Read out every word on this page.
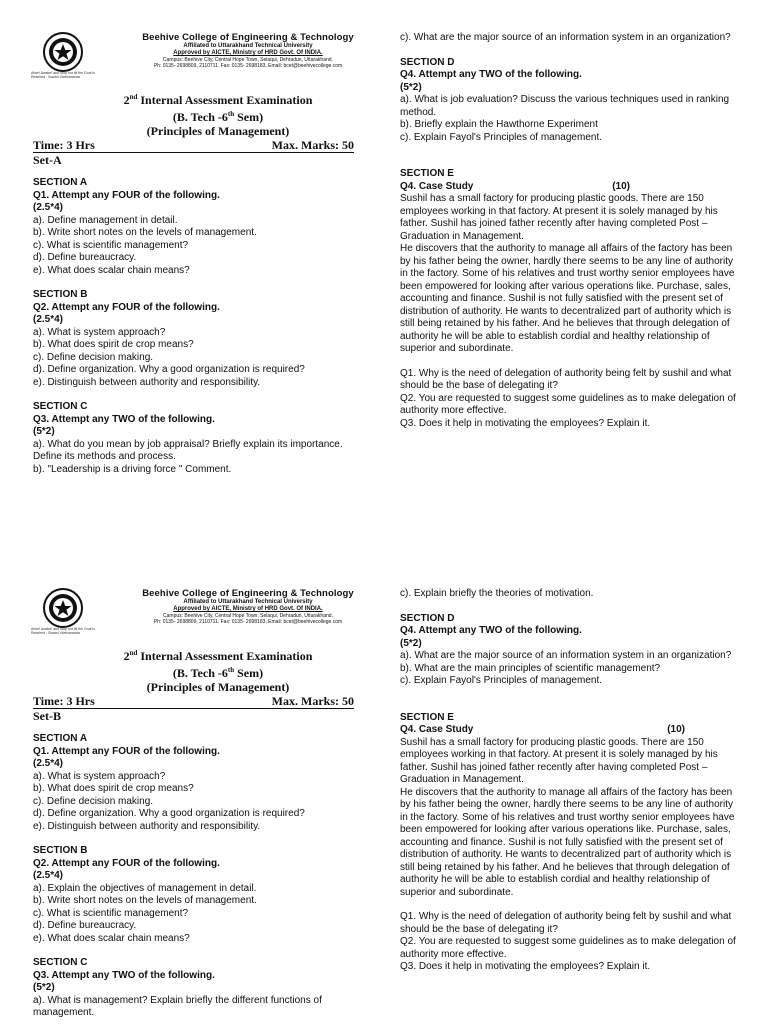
Arise! Awake! and Stop not till the Goal is Reached - Swami Vivekananda
Beehive College of Engineering & Technology
Affiliated to Uttarakhand Technical University
Approved by AICTE, Ministry of HRD Govt. Of INDIA.
Campus: Beehive City, Central Hope Town, Selaqui, Dehradun, Uttarakhand.
Ph: 0135- 2698809, 2110711. Fax: 0135- 2698183, Email: bcet@beehivecollege.com
2nd Internal Assessment Examination
(B. Tech -6th Sem)
(Principles of Management)
Time: 3 Hrs	Max. Marks: 50
Set-A
SECTION A
Q1. Attempt any FOUR of the following.
(2.5*4)
a). Define management in detail.
b). Write short notes on the levels of management.
c). What is scientific management?
d). Define bureaucracy.
e). What does scalar chain means?
SECTION B
Q2. Attempt any FOUR of the following.
(2.5*4)
a). What is system approach?
b). What does spirit de crop means?
c). Define decision making.
d). Define organization. Why a good organization is required?
e). Distinguish between authority and responsibility.
SECTION C
Q3. Attempt any TWO of the following.
(5*2)
a). What do you mean by job appraisal? Briefly explain its importance. Define its methods and process.
b). "Leadership is a driving force " Comment.
c). What are the major source of an information system in an organization?
SECTION D
Q4. Attempt any TWO of the following.
(5*2)
a). What is job evaluation? Discuss the various techniques used in ranking method.
b). Briefly explain the Hawthorne Experiment
c). Explain Fayol's Principles of management.
SECTION E
Q4. Case Study	(10)
Sushil has a small factory for producing plastic goods. There are 150 employees working in that factory. At present it is solely managed by his father. Sushil has joined father recently after having completed Post –Graduation in Management.
He discovers that the authority to manage all affairs of the factory has been by his father being the owner, hardly there seems to be any line of authority in the factory. Some of his relatives and trust worthy senior employees have been empowered for looking after various operations like. Purchase, sales, accounting and finance. Sushil is not fully satisfied with the present set of distribution of authority. He wants to decentralized part of authority which is still being retained by his father. And he believes that through delegation of authority he will be able to establish cordial and healthy relationship of superior and subordinate.
Q1. Why is the need of delegation of authority being felt by sushil and what should be the base of delegating it?
Q2. You are requested to suggest some guidelines as to make delegation of authority more effective.
Q3. Does it help in motivating the employees? Explain it.
Arise! Awake! and Stop not till the Goal is Reached - Swami Vivekananda
Beehive College of Engineering & Technology
Affiliated to Uttarakhand Technical University
Approved by AICTE, Ministry of HRD Govt. Of INDIA.
Campus: Beehive City, Central Hope Town, Selaqui, Dehradun, Uttarakhand.
Ph: 0135- 2698809, 2110711. Fax: 0135- 2698183, Email: bcet@beehivecollege.com
2nd Internal Assessment Examination
(B. Tech -6th Sem)
(Principles of Management)
Time: 3 Hrs	Max. Marks: 50
Set-B
SECTION A
Q1. Attempt any FOUR of the following.
(2.5*4)
a). What is system approach?
b). What does spirit de crop means?
c). Define decision making.
d). Define organization. Why a good organization is required?
e). Distinguish between authority and responsibility.
SECTION B
Q2. Attempt any FOUR of the following.
(2.5*4)
a). Explain the objectives of management in detail.
b). Write short notes on the levels of management.
c). What is scientific management?
d). Define bureaucracy.
e). What does scalar chain means?
SECTION C
Q3. Attempt any TWO of the following.
(5*2)
a). What is management? Explain briefly the different functions of management.
c). Explain briefly the theories of motivation.
SECTION D
Q4. Attempt any TWO of the following.
(5*2)
a). What are the major source of an information system in an organization?
b). What are the main principles of scientific management?
c). Explain Fayol's Principles of management.
SECTION E
Q4. Case Study	(10)
Sushil has a small factory for producing plastic goods. There are 150 employees working in that factory. At present it is solely managed by his father. Sushil has joined father recently after having completed Post –Graduation in Management.
He discovers that the authority to manage all affairs of the factory has been by his father being the owner, hardly there seems to be any line of authority in the factory. Some of his relatives and trust worthy senior employees have been empowered for looking after various operations like. Purchase, sales, accounting and finance. Sushil is not fully satisfied with the present set of distribution of authority. He wants to decentralized part of authority which is still being retained by his father. And he believes that through delegation of authority he will be able to establish cordial and healthy relationship of superior and subordinate.
Q1. Why is the need of delegation of authority being felt by sushil and what should be the base of delegating it?
Q2. You are requested to suggest some guidelines as to make delegation of authority more effective.
Q3. Does it help in motivating the employees? Explain it.
